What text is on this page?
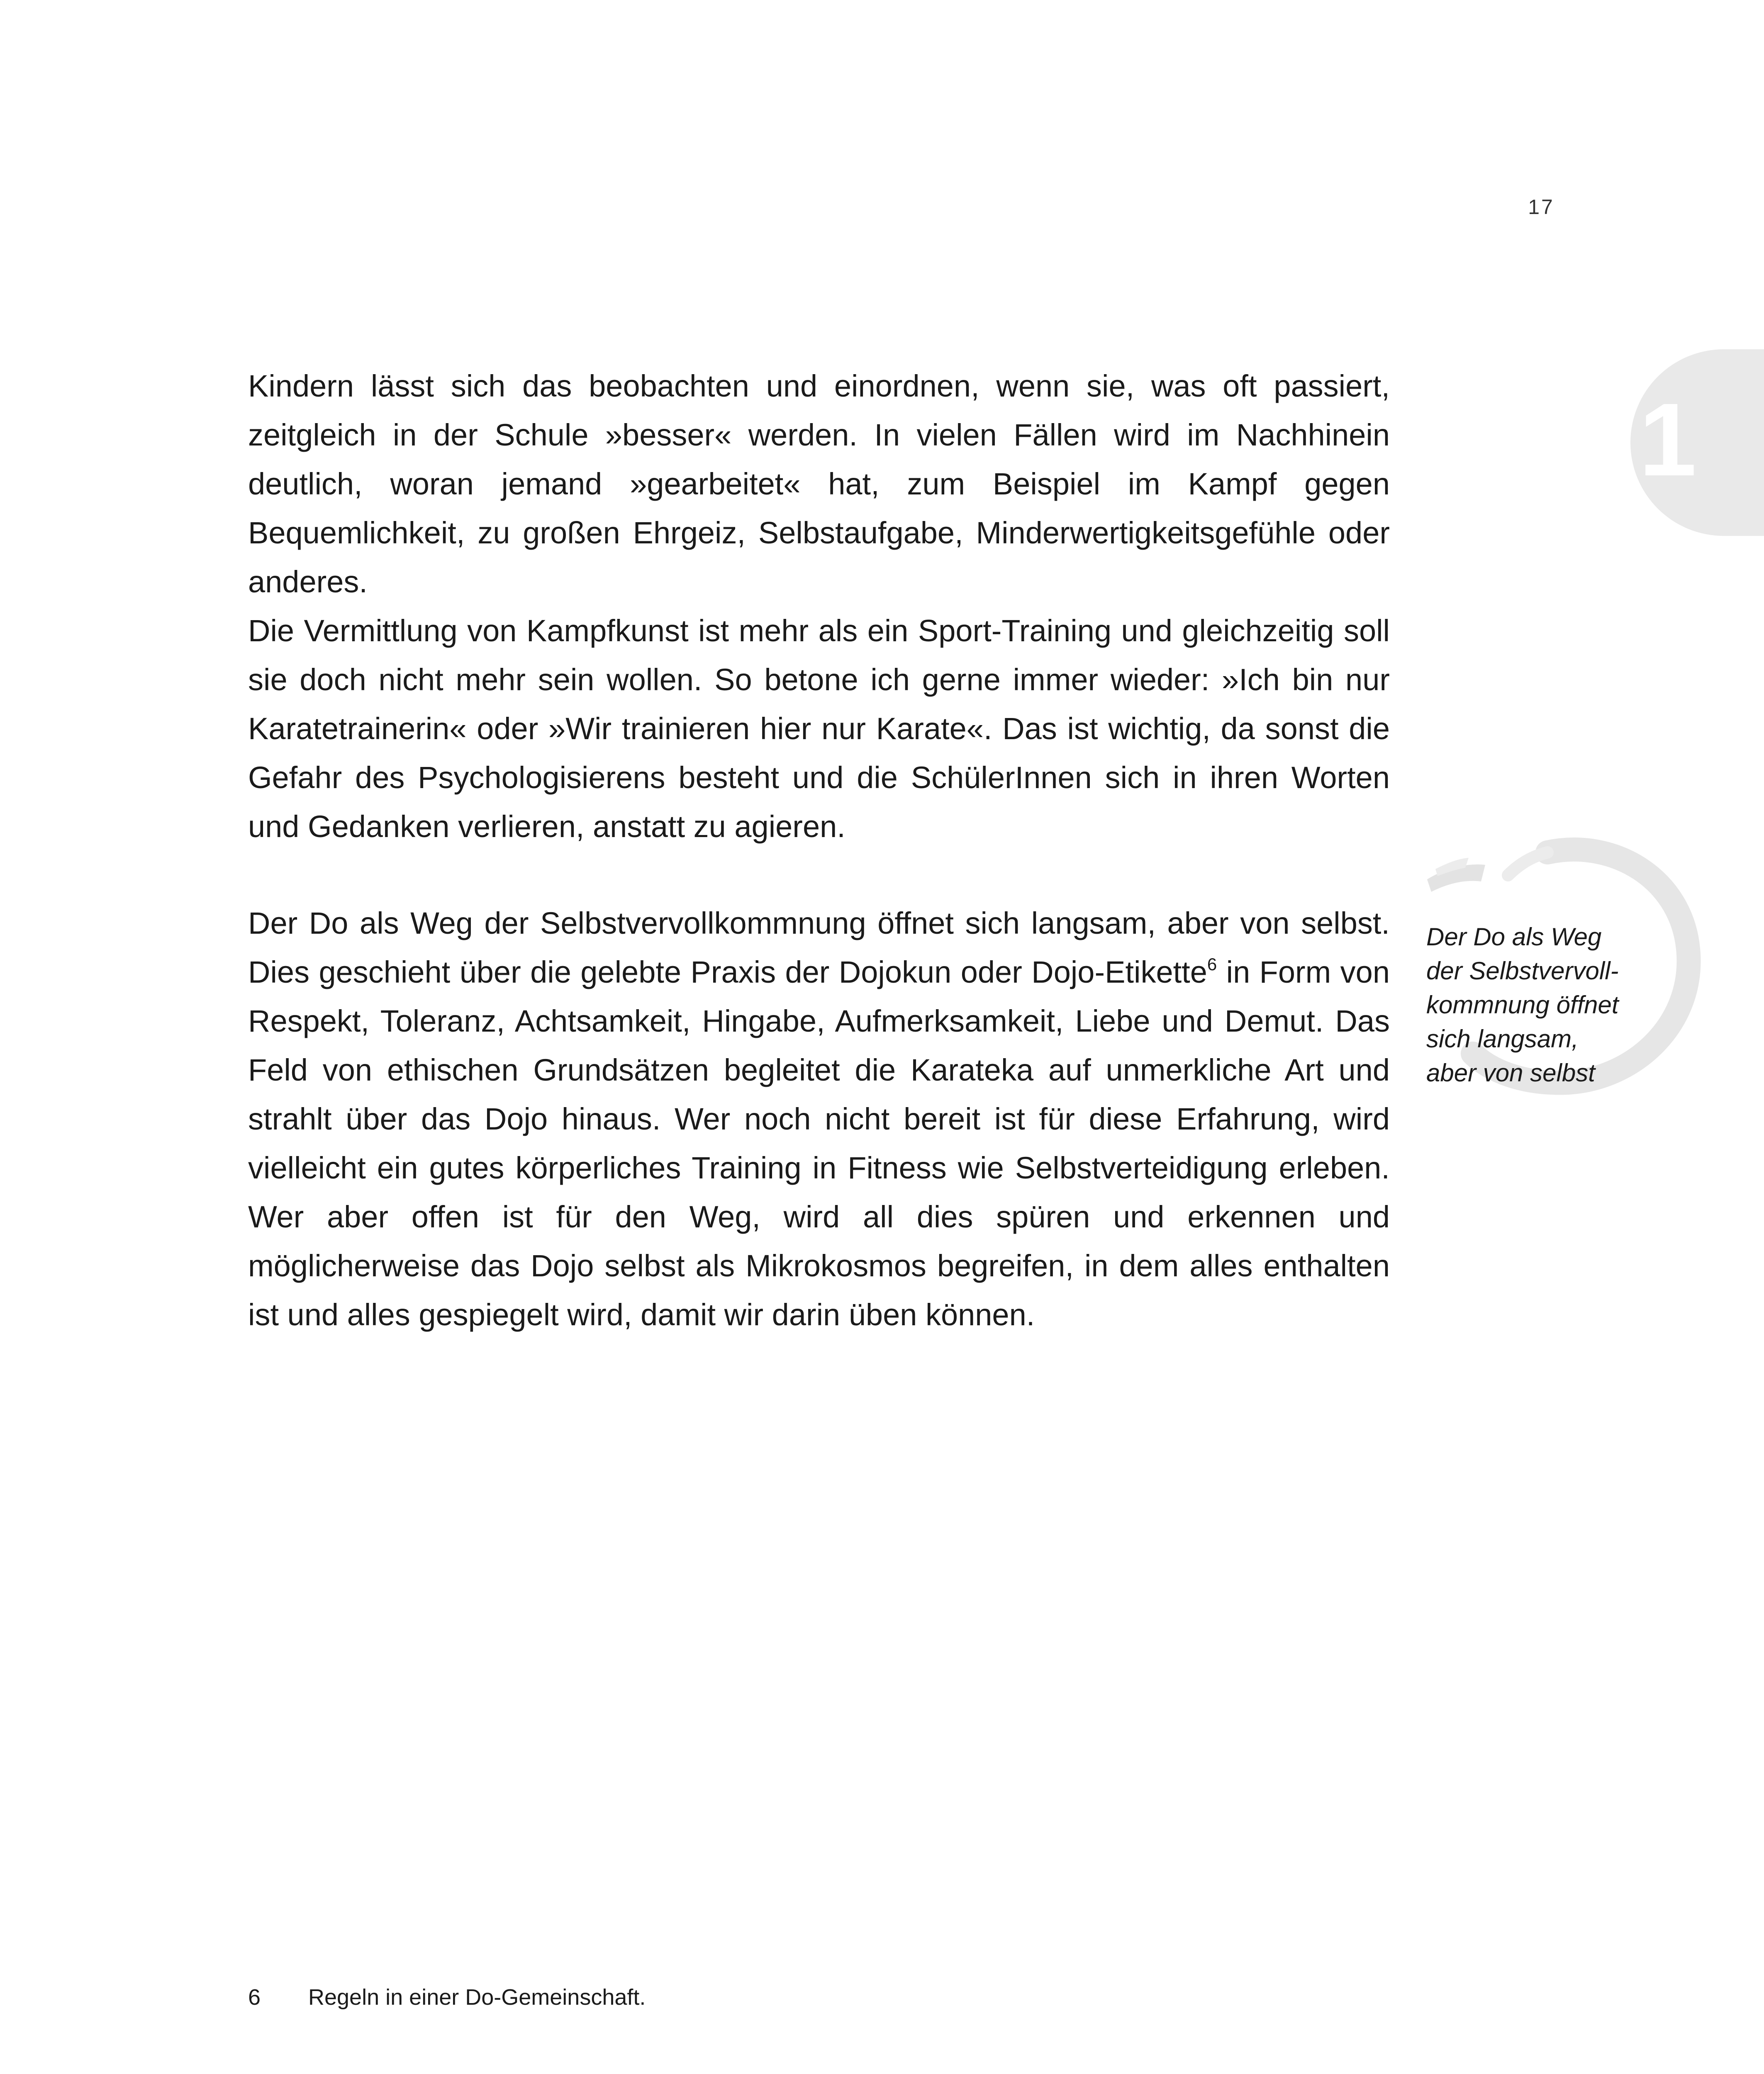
17
1

Kindern lässt sich das beobachten und einordnen, wenn sie, was oft passiert, zeitgleich in der Schule »besser« werden. In vielen Fällen wird im Nachhinein deutlich, woran jemand »gearbeitet« hat, zum Beispiel im Kampf gegen Bequemlichkeit, zu großen Ehrgeiz, Selbstaufgabe, Minderwertigkeitsgefühle oder anderes.

Die Vermittlung von Kampfkunst ist mehr als ein Sport-Training und gleichzeitig soll sie doch nicht mehr sein wollen. So betone ich gerne immer wieder: »Ich bin nur Karatetrainerin« oder »Wir trainieren hier nur Karate«. Das ist wichtig, da sonst die Gefahr des Psychologisierens besteht und die SchülerInnen sich in ihren Worten und Gedanken verlieren, anstatt zu agieren.

Der Do als Weg der Selbstvervollkommnung öffnet sich langsam, aber von selbst. Dies geschieht über die gelebte Praxis der Dojokun oder Dojo-Etikette$^6$ in Form von Respekt, Toleranz, Achtsamkeit, Hingabe, Aufmerksamkeit, Liebe und Demut. Das Feld von ethischen Grundsätzen begleitet die Karateka auf unmerkliche Art und strahlt über das Dojo hinaus. Wer noch nicht bereit ist für diese Erfahrung, wird vielleicht ein gutes körperliches Training in Fitness wie Selbstverteidigung erleben. Wer aber offen ist für den Weg, wird all dies spüren und erkennen und möglicherweise das Dojo selbst als Mikrokosmos begreifen, in dem alles enthalten ist und alles gespiegelt wird, damit wir darin üben können.
Der Do als Weg
der Selbstvervoll-
kommnung öffnet
sich langsam,
aber von selbst
6 Regeln in einer Do-Gemeinschaft.
